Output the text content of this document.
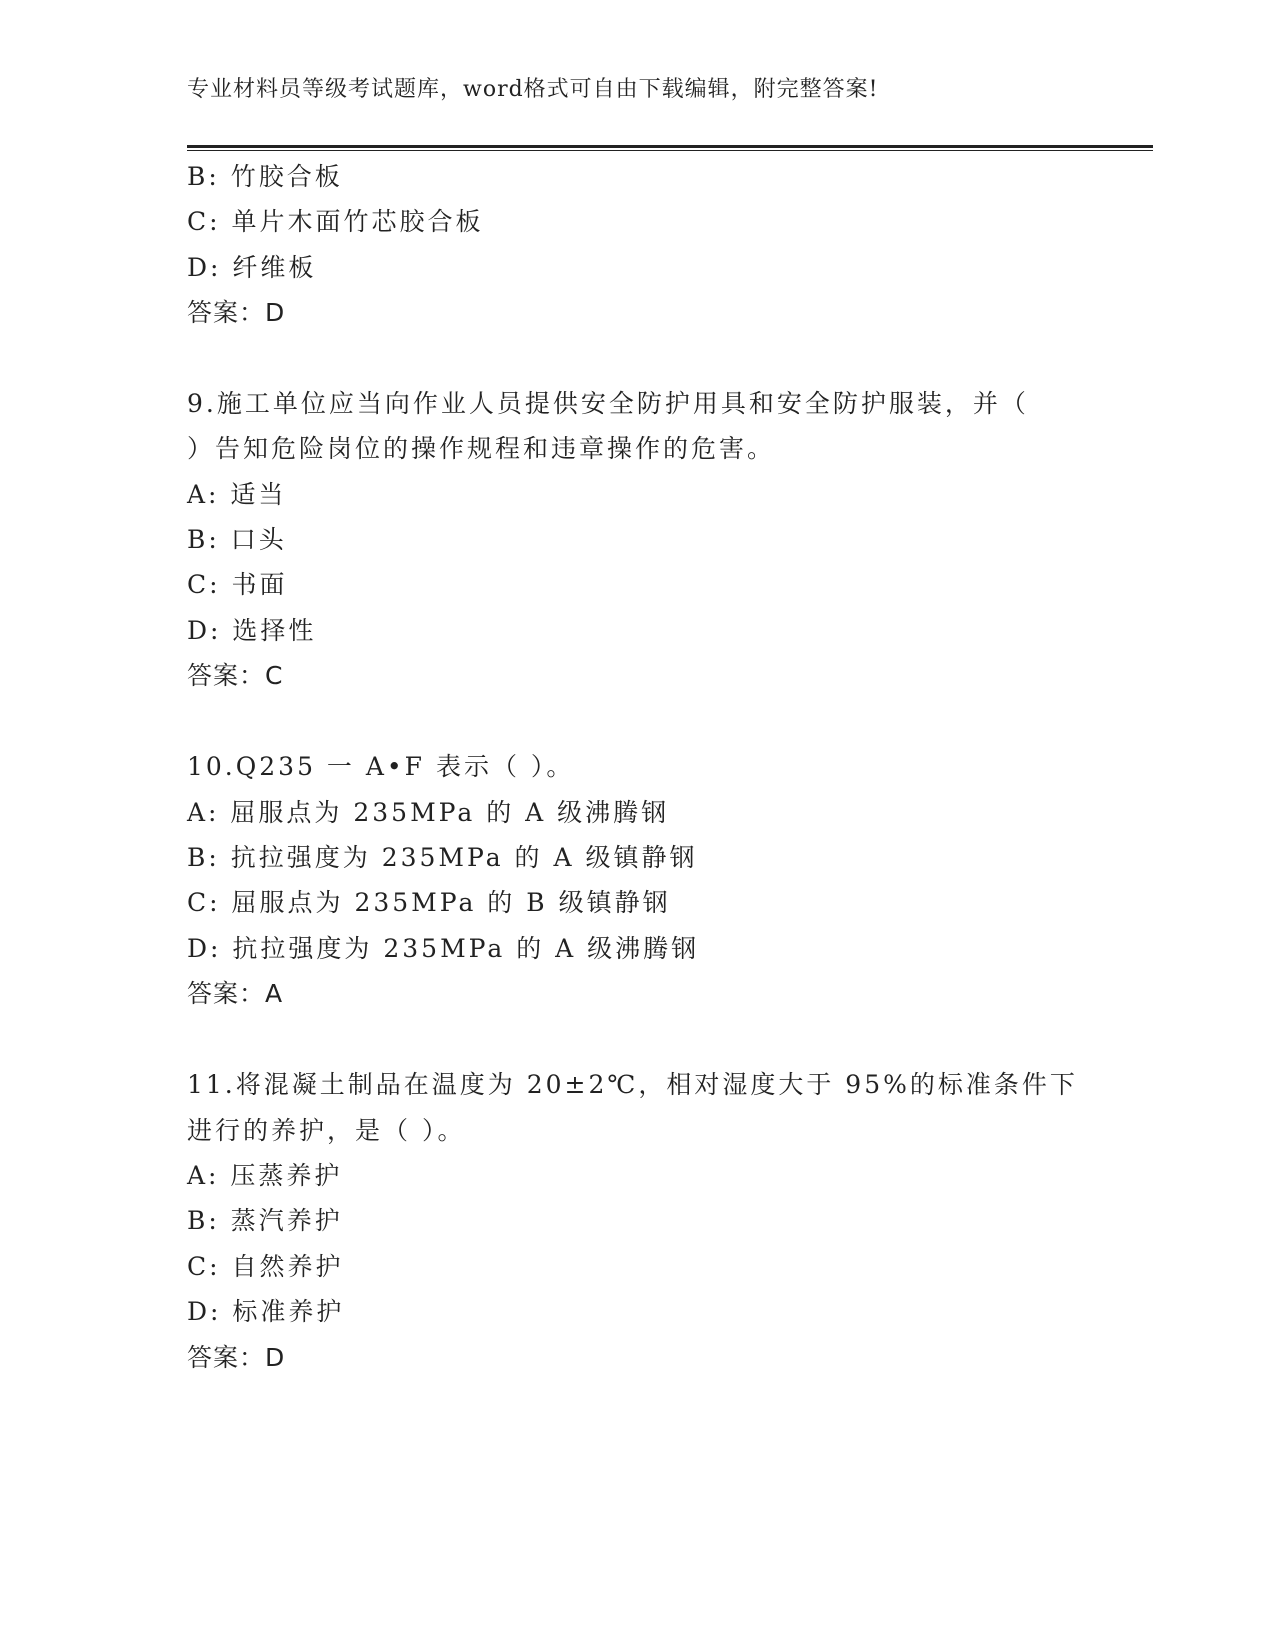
专业材料员等级考试题库，word格式可自由下载编辑，附完整答案!
B: 竹胶合板
C: 单片木面竹芯胶合板
D: 纤维板
答案：D
9.施工单位应当向作业人员提供安全防护用具和安全防护服装，并（
）告知危险岗位的操作规程和违章操作的危害。
A: 适当
B: 口头
C: 书面
D: 选择性
答案：C
10.Q235 一 A•F 表示（ ）。
A: 屈服点为 235MPa 的 A 级沸腾钢
B: 抗拉强度为 235MPa 的 A 级镇静钢
C: 屈服点为 235MPa 的 B 级镇静钢
D: 抗拉强度为 235MPa 的 A 级沸腾钢
答案：A
11.将混凝土制品在温度为 20±2℃，相对湿度大于 95%的标准条件下
进行的养护，是（ ）。
A: 压蒸养护
B: 蒸汽养护
C: 自然养护
D: 标准养护
答案：D
